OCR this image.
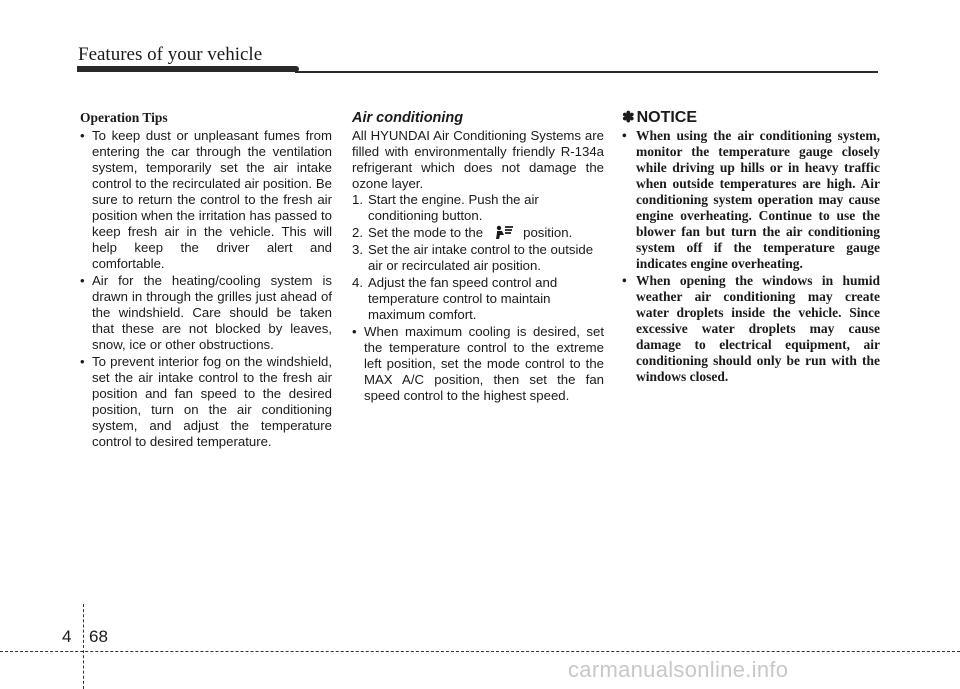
Features of your vehicle
Operation Tips
• To keep dust or unpleasant fumes from entering the car through the ventilation system, temporarily set the air intake control to the recirculated air position. Be sure to return the control to the fresh air position when the irritation has passed to keep fresh air in the vehicle. This will help keep the driver alert and comfortable.
• Air for the heating/cooling system is drawn in through the grilles just ahead of the windshield. Care should be taken that these are not blocked by leaves, snow, ice or other obstructions.
• To prevent interior fog on the windshield, set the air intake control to the fresh air position and fan speed to the desired position, turn on the air conditioning system, and adjust the temperature control to desired temperature.
Air conditioning

All HYUNDAI Air Conditioning Systems are filled with environmentally friendly R-134a refrigerant which does not damage the ozone layer.

1. Start the engine. Push the air conditioning button.
2. Set the mode to the	position.
3. Set the air intake control to the outside air or recirculated air position.
4. Adjust the fan speed control and temperature control to maintain maximum comfort.
• When maximum cooling is desired, set the temperature control to the extreme left position, set the mode control to the MAX A/C position, then set the fan speed control to the highest speed.
✽ NOTICE
• When using the air conditioning system, monitor the temperature gauge closely while driving up hills or in heavy traffic when outside temperatures are high. Air conditioning system operation may cause engine overheating. Continue to use the blower fan but turn the air conditioning system off if the temperature gauge indicates engine overheating.
• When opening the windows in humid weather air conditioning may create water droplets inside the vehicle. Since excessive water droplets may cause damage to electrical equipment, air conditioning should only be run with the windows closed.
4 68
carmanualsonline.info
